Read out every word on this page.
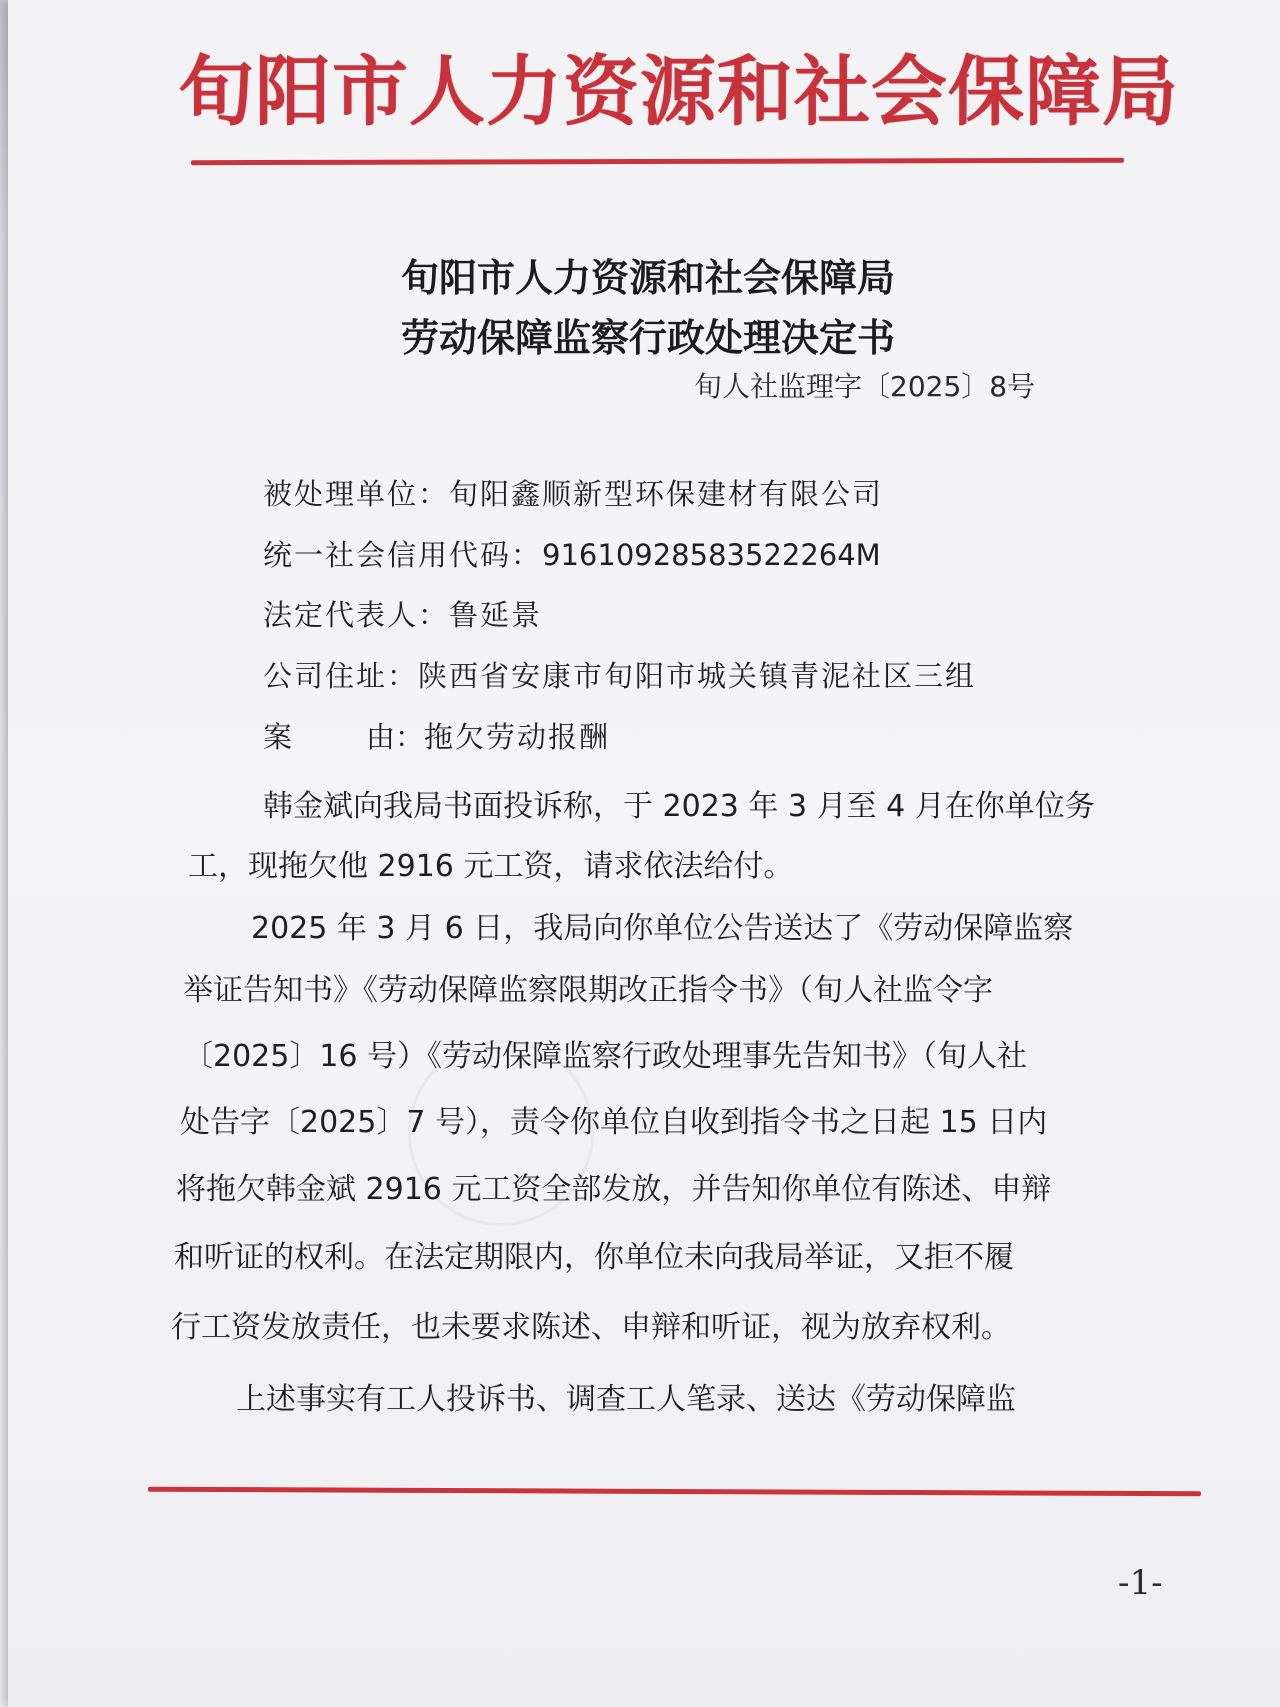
旬阳市人力资源和社会保障局
旬阳市人力资源和社会保障局
劳动保障监察行政处理决定书
旬人社监理字〔2025〕8号
被处理单位：旬阳鑫顺新型环保建材有限公司
统一社会信用代码：91610928583522264M
法定代表人：鲁延景
公司住址：陕西省安康市旬阳市城关镇青泥社区三组
案	由：拖欠劳动报酬
韩金斌向我局书面投诉称，于 2023 年 3 月至 4 月在你单位务
工，现拖欠他 2916 元工资，请求依法给付。
2025 年 3 月 6 日，我局向你单位公告送达了《劳动保障监察
举证告知书》《劳动保障监察限期改正指令书》（旬人社监令字
〔2025〕16 号）《劳动保障监察行政处理事先告知书》（旬人社
处告字〔2025〕7 号），责令你单位自收到指令书之日起 15 日内
将拖欠韩金斌 2916 元工资全部发放，并告知你单位有陈述、申辩
和听证的权利。在法定期限内，你单位未向我局举证，又拒不履
行工资发放责任，也未要求陈述、申辩和听证，视为放弃权利。
上述事实有工人投诉书、调查工人笔录、送达《劳动保障监
-1-
